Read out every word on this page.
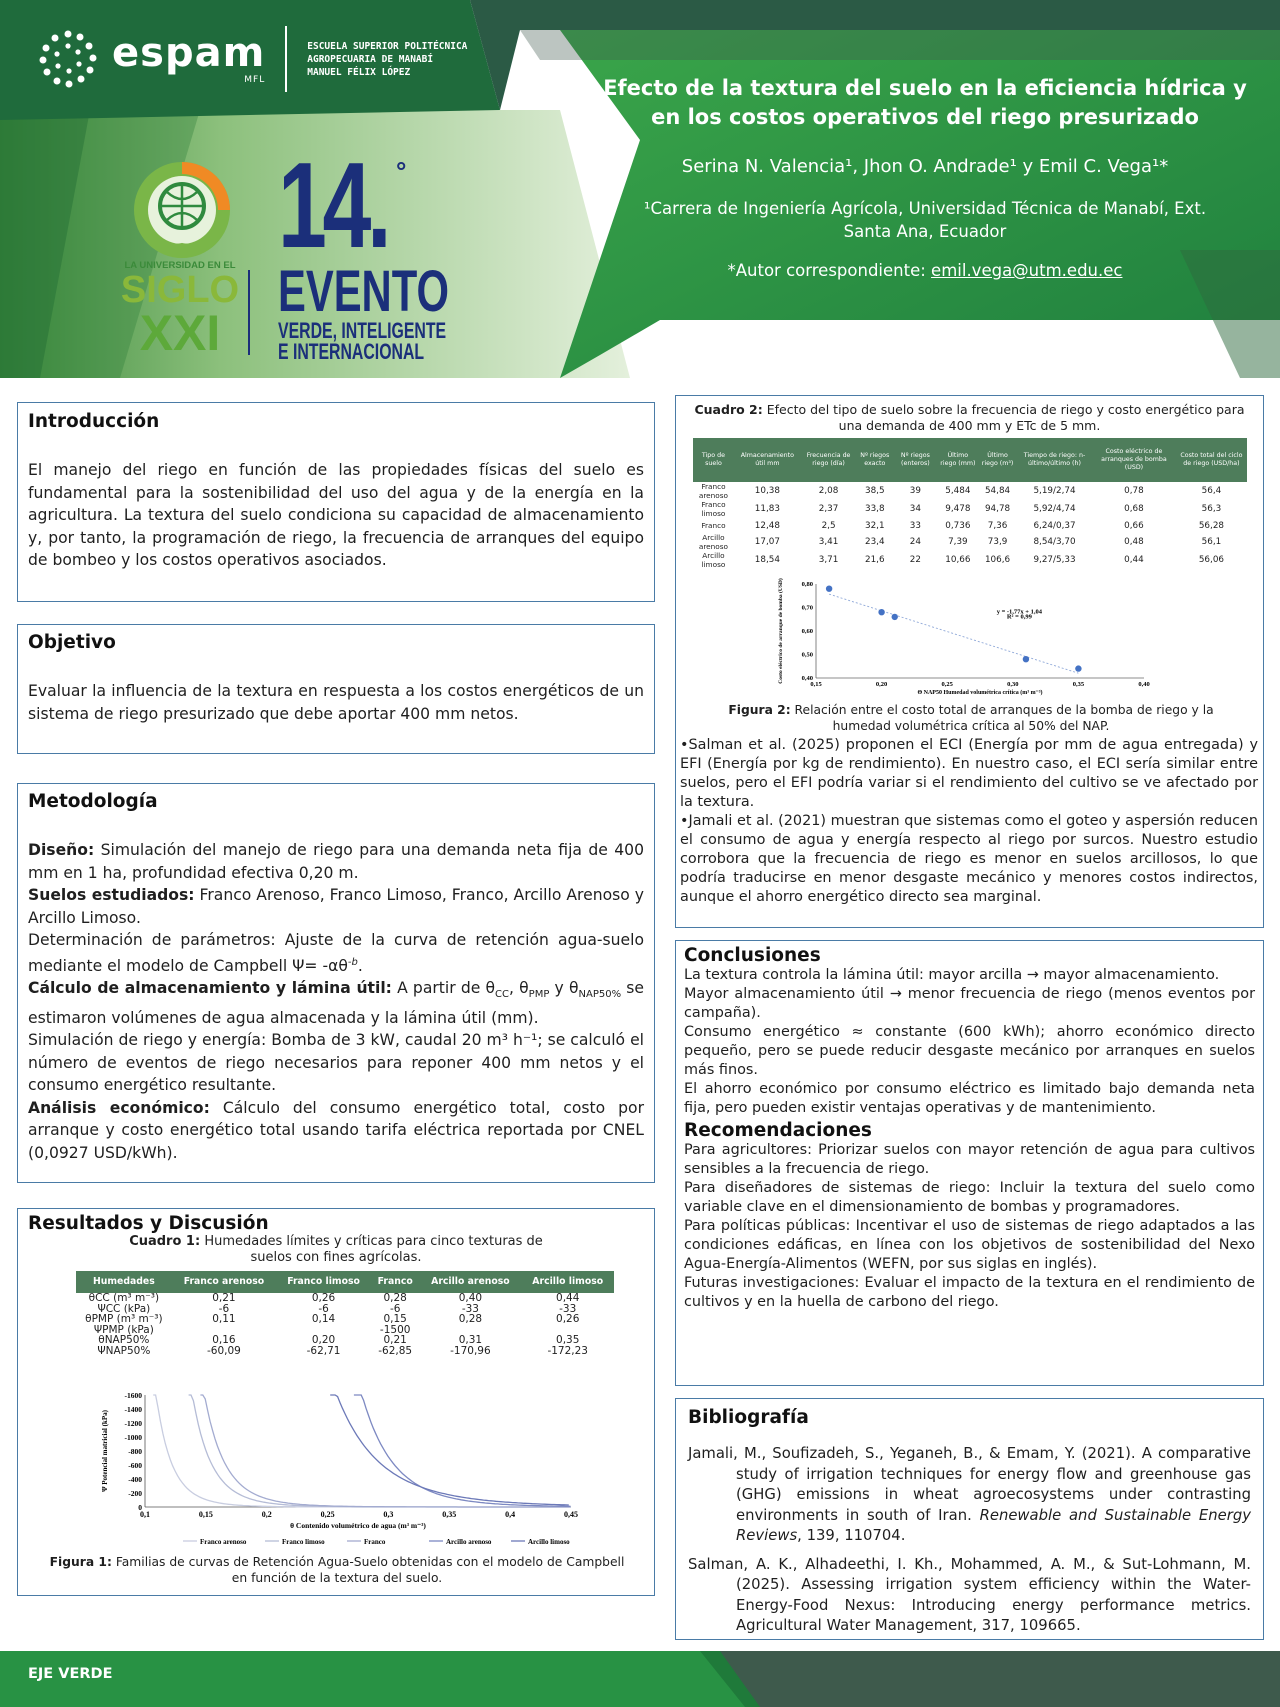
espam
MFL
ESCUELA SUPERIOR POLITÉCNICA
AGROPECUARIA DE MANABÍ
MANUEL FÉLIX LÓPEZ
LA UNIVERSIDAD EN EL
SIGLO
XXI
14. °
EVENTO
VERDE, INTELIGENTE
E INTERNACIONAL
Efecto de la textura del suelo en la eficiencia hídrica y
en los costos operativos del riego presurizado
Serina N. Valencia¹, Jhon O. Andrade¹ y Emil C. Vega¹*
¹Carrera de Ingeniería Agrícola, Universidad Técnica de Manabí, Ext.
Santa Ana, Ecuador
*Autor correspondiente: emil.vega@utm.edu.ec
Introducción

El manejo del riego en función de las propiedades físicas del suelo es fundamental para la sostenibilidad del uso del agua y de la energía en la agricultura. La textura del suelo condiciona su capacidad de almacenamiento y, por tanto, la programación de riego, la frecuencia de arranques del equipo de bombeo y los costos operativos asociados.

Objetivo

Evaluar la influencia de la textura en respuesta a los costos energéticos de un sistema de riego presurizado que debe aportar 400 mm netos.

Metodología
Diseño: Simulación del manejo de riego para una demanda neta fija de 400 mm en 1 ha, profundidad efectiva 0,20 m.
Suelos estudiados: Franco Arenoso, Franco Limoso, Franco, Arcillo Arenoso y Arcillo Limoso.
Determinación de parámetros: Ajuste de la curva de retención agua-suelo mediante el modelo de Campbell $\Psi= -\alpha\theta^{-b}$.
Cálculo de almacenamiento y lámina útil: A partir de $\theta_{CC}$, $\theta_{PMP}$ y $\theta_{NAP50\%}$ se estimaron volúmenes de agua almacenada y la lámina útil (mm).
Simulación de riego y energía: Bomba de 3 kW, caudal 20 m³ h⁻¹; se calculó el número de eventos de riego necesarios para reponer 400 mm netos y el consumo energético resultante.
Análisis económico: Cálculo del consumo energético total, costo por arranque y costo energético total usando tarifa eléctrica reportada por CNEL (0,0927 USD/kWh).
Resultados y Discusión
Cuadro 1: Humedades límites y críticas para cinco texturas de suelos con fines agrícolas.
Humedades	Franco arenoso	Franco limoso	Franco	Arcillo arenoso	Arcillo limoso
θCC (m³ m⁻³)	0,21	0,26	0,28	0,40	0,44
ΨCC (kPa)	-6	-6	-6	-33	-33
θPMP (m³ m⁻³)	0,11	0,14	0,15	0,28	0,26
ΨPMP (kPa)			-1500		
θNAP50%	0,16	0,20	0,21	0,31	0,35
ΨNAP50%	-60,09	-62,71	-62,85	-170,96	-172,23
0,1	0,15	0,2	0,25	0,3	0,35	0,4	0,45
-1600
-1400
-1200
-1000
-800
-600
-400
-200
0
θ Contenido volumétrico de agua (m³ m⁻³)
Ψ Potencial matricial (kPa)
Franco arenoso	Franco limoso	Franco	Arcillo arenoso	Arcillo limoso
Figura 1: Familias de curvas de Retención Agua-Suelo obtenidas con el modelo de Campbell en función de la textura del suelo.
Cuadro 2: Efecto del tipo de suelo sobre la frecuencia de riego y costo energético para una demanda de 400 mm y ETc de 5 mm.
Tipo de suelo	Almacenamiento útil mm	Frecuencia de riego (día)	Nº riegos exacto	Nº riegos (enteros)	Último riego (mm)	Último riego (m³)	Tiempo de riego: n-último/último (h)	Costo eléctrico de arranques de bomba (USD)	Costo total del ciclo de riego (USD/ha)
Franco arenoso	10,38	2,08	38,5	39	5,484	54,84	5,19/2,74	0,78	56,4
Franco limoso	11,83	2,37	33,8	34	9,478	94,78	5,92/4,74	0,68	56,3
Franco	12,48	2,5	32,1	33	0,736	7,36	6,24/0,37	0,66	56,28
Arcillo arenoso	17,07	3,41	23,4	24	7,39	73,9	8,54/3,70	0,48	56,1
Arcillo limoso	18,54	3,71	21,6	22	10,66	106,6	9,27/5,33	0,44	56,06
0,15	0,20	0,25	0,30	0,35	0,40
0,40
0,50
0,60
0,70
0,80
Θ NAP50 Humedad volumétrica crítica (m³ m⁻³)
Costo eléctrico de arranque de bomba (USD)	y = -1,77x + 1,04
R² = 0,99
Figura 2: Relación entre el costo total de arranques de la bomba de riego y la humedad volumétrica crítica al 50% del NAP.
•Salman et al. (2025) proponen el ECI (Energía por mm de agua entregada) y EFI (Energía por kg de rendimiento). En nuestro caso, el ECI sería similar entre suelos, pero el EFI podría variar si el rendimiento del cultivo se ve afectado por la textura.
•Jamali et al. (2021) muestran que sistemas como el goteo y aspersión reducen el consumo de agua y energía respecto al riego por surcos. Nuestro estudio corrobora que la frecuencia de riego es menor en suelos arcillosos, lo que podría traducirse en menor desgaste mecánico y menores costos indirectos, aunque el ahorro energético directo sea marginal.
Conclusiones
La textura controla la lámina útil: mayor arcilla → mayor almacenamiento.
Mayor almacenamiento útil → menor frecuencia de riego (menos eventos por campaña).
Consumo energético ≈ constante (600 kWh); ahorro económico directo pequeño, pero se puede reducir desgaste mecánico por arranques en suelos más finos.
El ahorro económico por consumo eléctrico es limitado bajo demanda neta fija, pero pueden existir ventajas operativas y de mantenimiento.
Recomendaciones
Para agricultores: Priorizar suelos con mayor retención de agua para cultivos sensibles a la frecuencia de riego.
Para diseñadores de sistemas de riego: Incluir la textura del suelo como variable clave en el dimensionamiento de bombas y programadores.
Para políticas públicas: Incentivar el uso de sistemas de riego adaptados a las condiciones edáficas, en línea con los objetivos de sostenibilidad del Nexo Agua-Energía-Alimentos (WEFN, por sus siglas en inglés).
Futuras investigaciones: Evaluar el impacto de la textura en el rendimiento de cultivos y en la huella de carbono del riego.
Bibliografía
Jamali, M., Soufizadeh, S., Yeganeh, B., & Emam, Y. (2021). A comparative study of irrigation techniques for energy flow and greenhouse gas (GHG) emissions in wheat agroecosystems under contrasting environments in south of Iran. Renewable and Sustainable Energy Reviews, 139, 110704.
Salman, A. K., Alhadeethi, I. Kh., Mohammed, A. M., & Sut-Lohmann, M. (2025). Assessing irrigation system efficiency within the Water-Energy-Food Nexus: Introducing energy performance metrics. Agricultural Water Management, 317, 109665.
EJE VERDE
